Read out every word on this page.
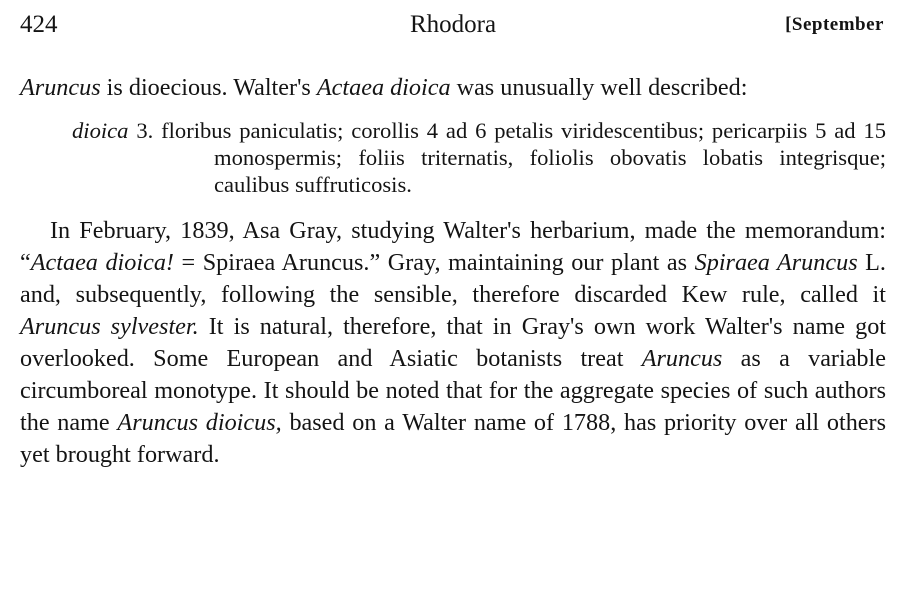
424	Rhodora	[September

Aruncus is dioecious. Walter's Actaea dioica was unusually well described:

dioica 3. floribus paniculatis; corollis 4 ad 6 petalis viridescentibus; pericarpiis 5 ad 15 monospermis; foliis triternatis, foliolis obovatis lobatis integrisque; caulibus suffruticosis.

In February, 1839, Asa Gray, studying Walter's herbarium, made the memorandum: “Actaea dioica! = Spiraea Aruncus.” Gray, maintaining our plant as Spiraea Aruncus L. and, subsequently, following the sensible, therefore discarded Kew rule, called it Aruncus sylvester. It is natural, therefore, that in Gray's own work Walter's name got overlooked. Some European and Asiatic botanists treat Aruncus as a variable circumboreal monotype. It should be noted that for the aggregate species of such authors the name Aruncus dioicus, based on a Walter name of 1788, has priority over all others yet brought forward.
